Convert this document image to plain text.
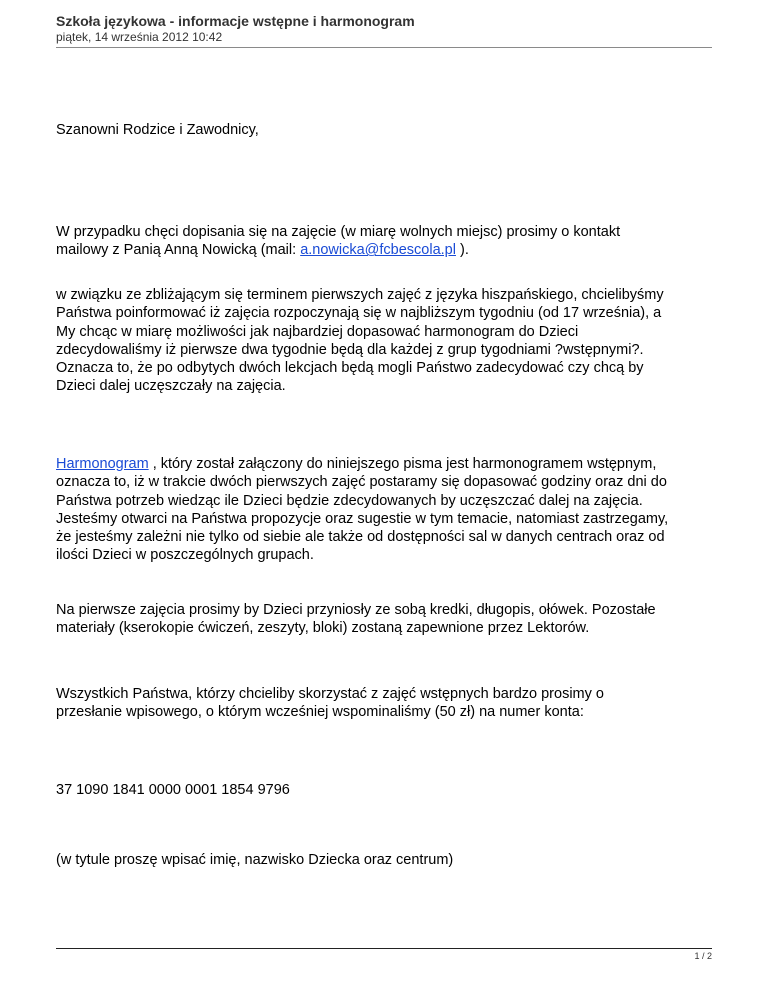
Szkoła językowa - informacje wstępne i harmonogram
piątek, 14 września 2012 10:42

Szanowni Rodzice i Zawodnicy,

W przypadku chęci dopisania się na zajęcie (w miarę wolnych miejsc) prosimy o kontakt
mailowy z Panią Anną Nowicką (mail: a.nowicka@fcbescola.pl ).

w związku ze zbliżającym się terminem pierwszych zajęć z języka hiszpańskiego, chcielibyśmy
Państwa poinformować iż zajęcia rozpoczynają się w najbliższym tygodniu (od 17 września), a
My chcąc w miarę możliwości jak najbardziej dopasować harmonogram do Dzieci
zdecydowaliśmy iż pierwsze dwa tygodnie będą dla każdej z grup tygodniami ?wstępnymi?.
Oznacza to, że po odbytych dwóch lekcjach będą mogli Państwo zadecydować czy chcą by
Dzieci dalej uczęszczały na zajęcia.

Harmonogram , który został załączony do niniejszego pisma jest harmonogramem wstępnym,
oznacza to, iż w trakcie dwóch pierwszych zajęć postaramy się dopasować godziny oraz dni do
Państwa potrzeb wiedząc ile Dzieci będzie zdecydowanych by uczęszczać dalej na zajęcia.
Jesteśmy otwarci na Państwa propozycje oraz sugestie w tym temacie, natomiast zastrzegamy,
że jesteśmy zależni nie tylko od siebie ale także od dostępności sal w danych centrach oraz od
ilości Dzieci w poszczególnych grupach.

Na pierwsze zajęcia prosimy by Dzieci przyniosły ze sobą kredki, długopis, ołówek. Pozostałe
materiały (kserokopie ćwiczeń, zeszyty, bloki) zostaną zapewnione przez Lektorów.

Wszystkich Państwa, którzy chcieliby skorzystać z zajęć wstępnych bardzo prosimy o
przesłanie wpisowego, o którym wcześniej wspominaliśmy (50 zł) na numer konta:

37 1090 1841 0000 0001 1854 9796

(w tytule proszę wpisać imię, nazwisko Dziecka oraz centrum)

1 / 2
